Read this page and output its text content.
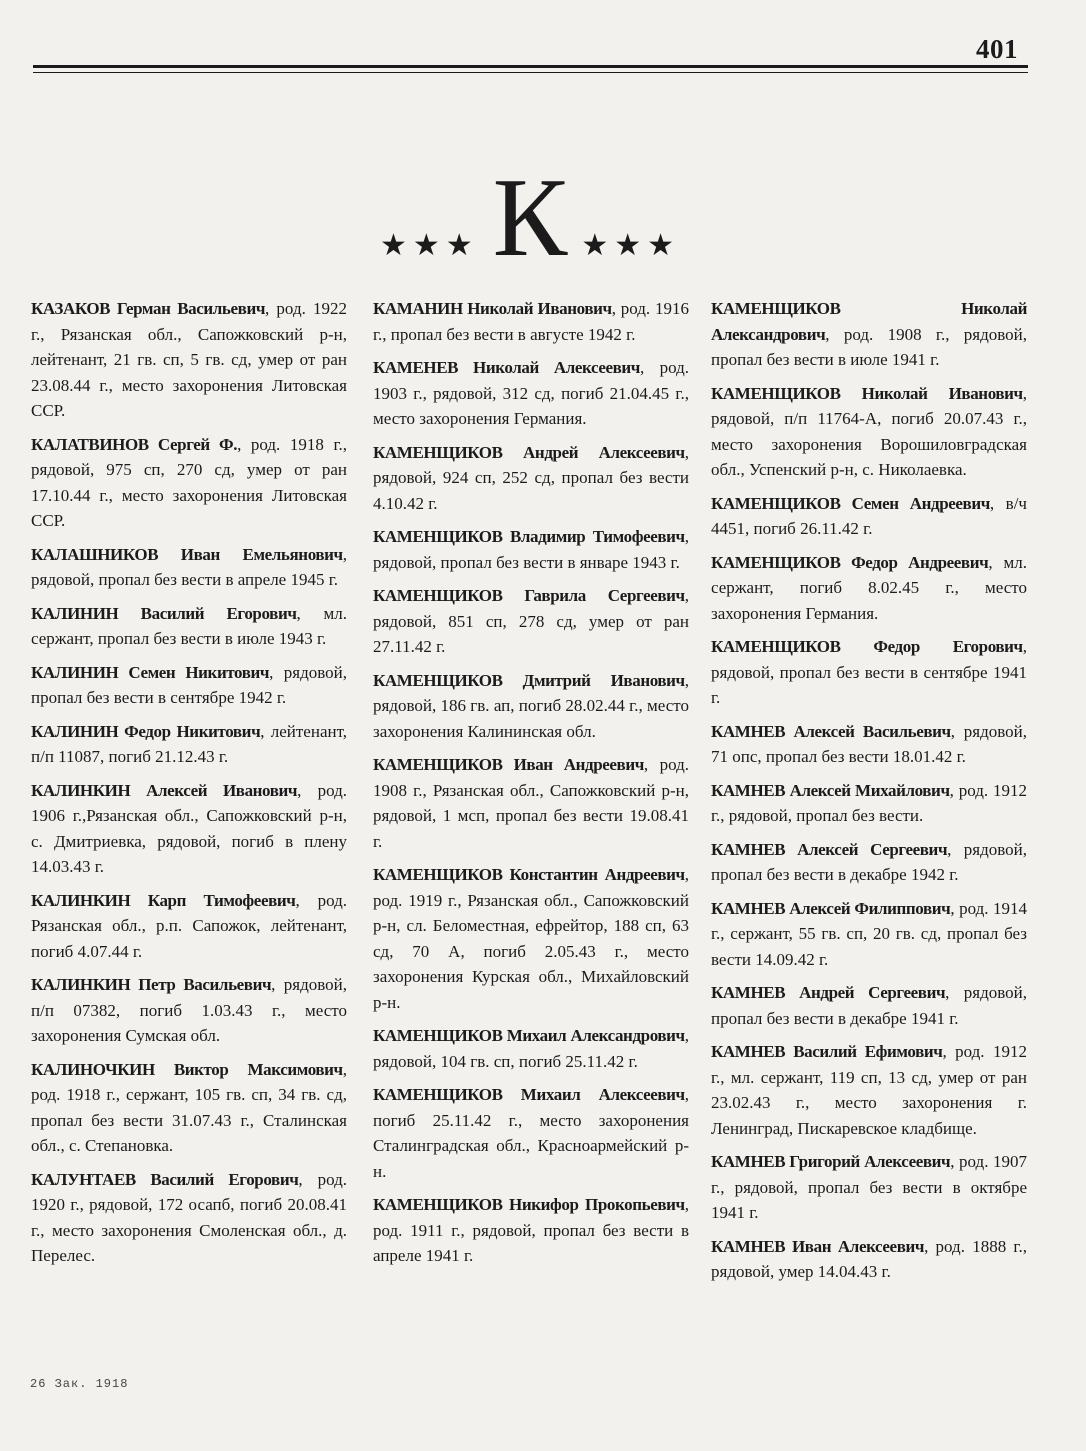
401
★★★ К ★★★

КАЗАКОВ Герман Васильевич, род. 1922 г., Рязанская обл., Сапожковский р-н, лейтенант, 21 гв. сп, 5 гв. сд, умер от ран 23.08.44 г., место захоронения Литовская ССР.

КАЛАТВИНОВ Сергей Ф., род. 1918 г., рядовой, 975 сп, 270 сд, умер от ран 17.10.44 г., место захоронения Литовская ССР.

КАЛАШНИКОВ Иван Емельянович, рядовой, пропал без вести в апреле 1945 г.

КАЛИНИН Василий Егорович, мл. сержант, пропал без вести в июле 1943 г.

КАЛИНИН Семен Никитович, рядовой, пропал без вести в сентябре 1942 г.

КАЛИНИН Федор Никитович, лейтенант, п/п 11087, погиб 21.12.43 г.

КАЛИНКИН Алексей Иванович, род. 1906 г.,Рязанская обл., Сапожковский р-н, с. Дмитриевка, рядовой, погиб в плену 14.03.43 г.

КАЛИНКИН Карп Тимофеевич, род. Рязанская обл., р.п. Сапожок, лейтенант, погиб 4.07.44 г.

КАЛИНКИН Петр Васильевич, рядовой, п/п 07382, погиб 1.03.43 г., место захоронения Сумская обл.

КАЛИНОЧКИН Виктор Максимович, род. 1918 г., сержант, 105 гв. сп, 34 гв. сд, пропал без вести 31.07.43 г., Сталинская обл., с. Степановка.

КАЛУНТАЕВ Василий Егорович, род. 1920 г., рядовой, 172 осапб, погиб 20.08.41 г., место захоронения Смоленская обл., д. Перелес.

КАМАНИН Николай Иванович, род. 1916 г., пропал без вести в августе 1942 г.

КАМЕНЕВ Николай Алексеевич, род. 1903 г., рядовой, 312 сд, погиб 21.04.45 г., место захоронения Германия.

КАМЕНЩИКОВ Андрей Алексеевич, рядовой, 924 сп, 252 сд, пропал без вести 4.10.42 г.

КАМЕНЩИКОВ Владимир Тимофеевич, рядовой, пропал без вести в январе 1943 г.

КАМЕНЩИКОВ Гаврила Сергеевич, рядовой, 851 сп, 278 сд, умер от ран 27.11.42 г.

КАМЕНЩИКОВ Дмитрий Иванович, рядовой, 186 гв. ап, погиб 28.02.44 г., место захоронения Калининская обл.

КАМЕНЩИКОВ Иван Андреевич, род. 1908 г., Рязанская обл., Сапожковский р-н, рядовой, 1 мсп, пропал без вести 19.08.41 г.

КАМЕНЩИКОВ Константин Андреевич, род. 1919 г., Рязанская обл., Сапожковский р-н, сл. Беломестная, ефрейтор, 188 сп, 63 сд, 70 А, погиб 2.05.43 г., место захоронения Курская обл., Михайловский р-н.

КАМЕНЩИКОВ Михаил Александрович, рядовой, 104 гв. сп, погиб 25.11.42 г.

КАМЕНЩИКОВ Михаил Алексеевич, погиб 25.11.42 г., место захоронения Сталинградская обл., Красноармейский р-н.

КАМЕНЩИКОВ Никифор Прокопьевич, род. 1911 г., рядовой, пропал без вести в апреле 1941 г.

КАМЕНЩИКОВ Николай Александрович, род. 1908 г., рядовой, пропал без вести в июле 1941 г.

КАМЕНЩИКОВ Николай Иванович, рядовой, п/п 11764-А, погиб 20.07.43 г., место захоронения Ворошиловградская обл., Успенский р-н, с. Николаевка.

КАМЕНЩИКОВ Семен Андреевич, в/ч 4451, погиб 26.11.42 г.

КАМЕНЩИКОВ Федор Андреевич, мл. сержант, погиб 8.02.45 г., место захоронения Германия.

КАМЕНЩИКОВ Федор Егорович, рядовой, пропал без вести в сентябре 1941 г.

КАМНЕВ Алексей Васильевич, рядовой, 71 опс, пропал без вести 18.01.42 г.

КАМНЕВ Алексей Михайлович, род. 1912 г., рядовой, пропал без вести.

КАМНЕВ Алексей Сергеевич, рядовой, пропал без вести в декабре 1942 г.

КАМНЕВ Алексей Филиппович, род. 1914 г., сержант, 55 гв. сп, 20 гв. сд, пропал без вести 14.09.42 г.

КАМНЕВ Андрей Сергеевич, рядовой, пропал без вести в декабре 1941 г.

КАМНЕВ Василий Ефимович, род. 1912 г., мл. сержант, 119 сп, 13 сд, умер от ран 23.02.43 г., место захоронения г. Ленинград, Пискаревское кладбище.

КАМНЕВ Григорий Алексеевич, род. 1907 г., рядовой, пропал без вести в октябре 1941 г.

КАМНЕВ Иван Алексеевич, род. 1888 г., рядовой, умер 14.04.43 г.

26 Зак. 1918
